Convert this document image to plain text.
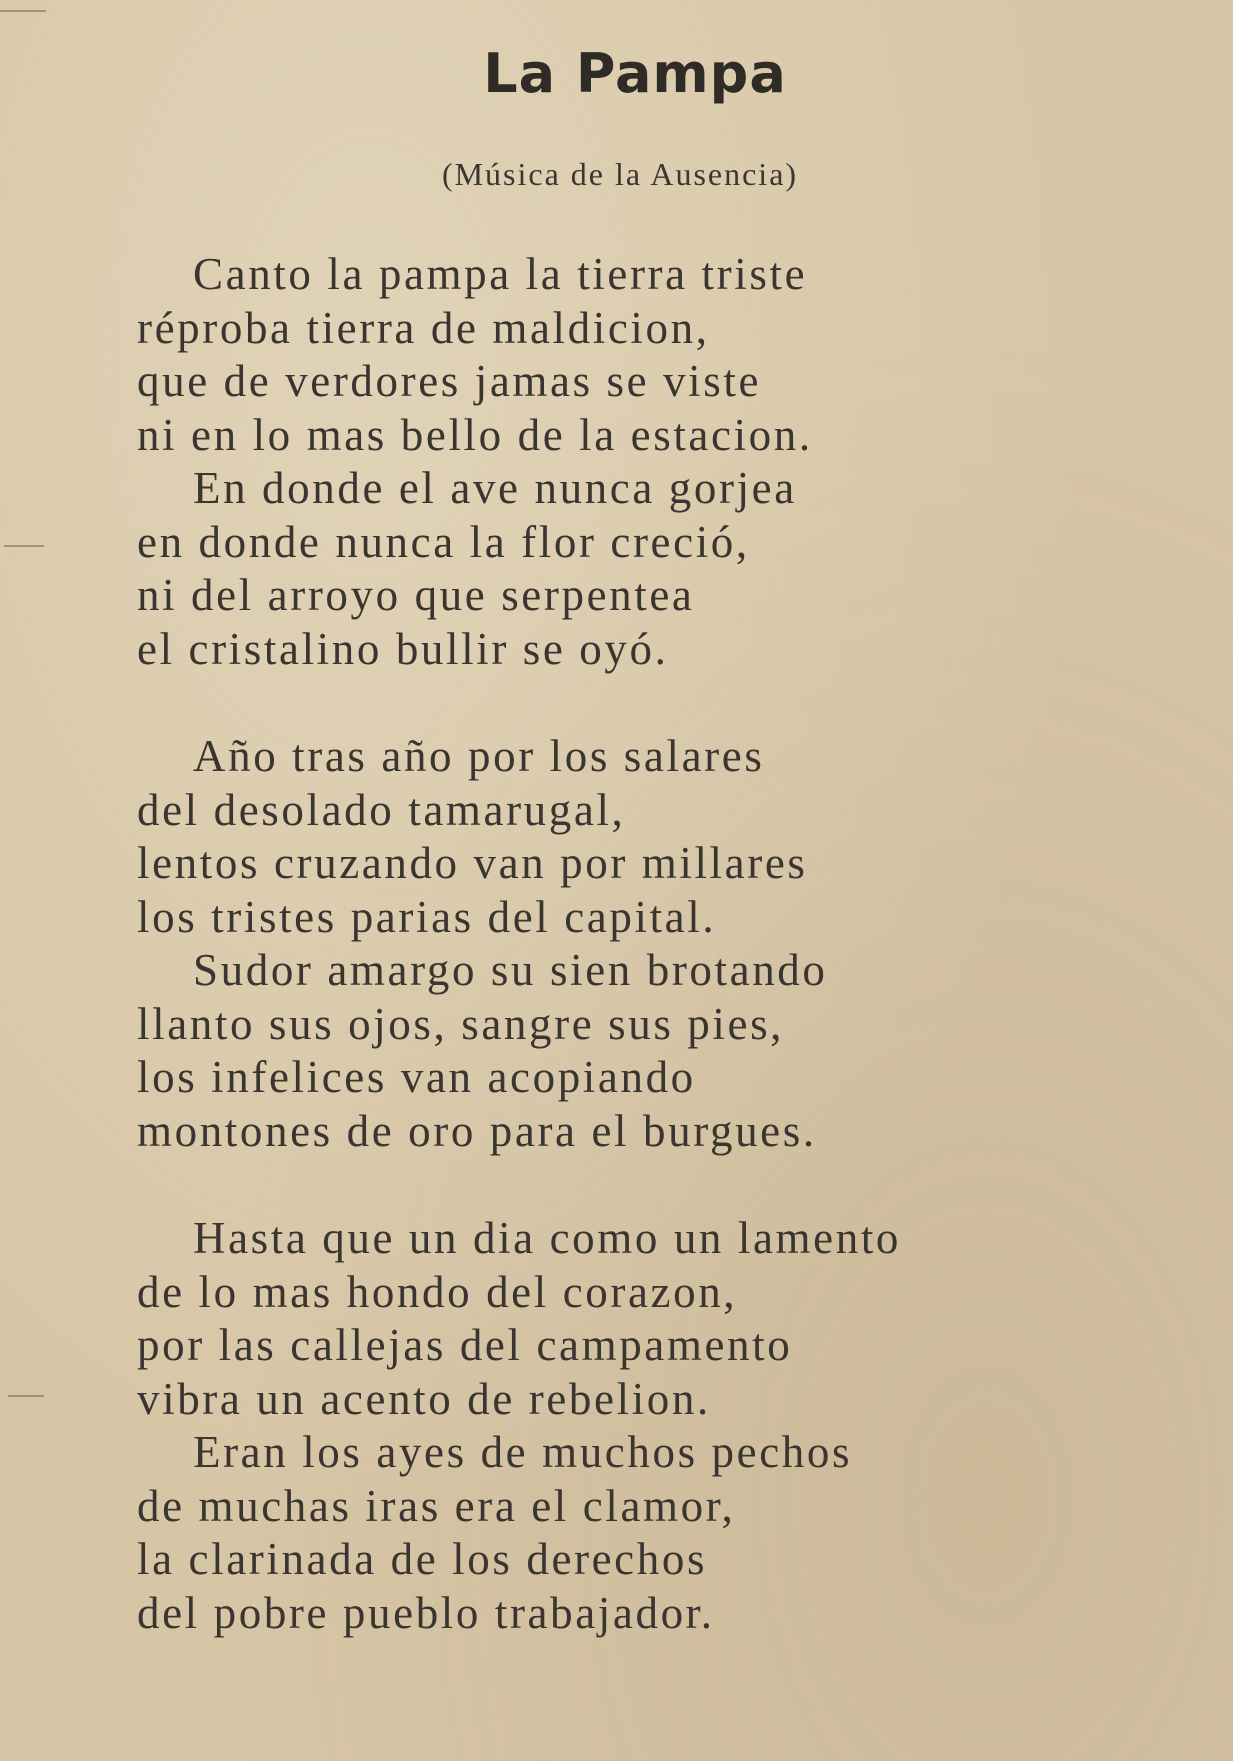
La Pampa
(Música de la Ausencia)
Canto la pampa la tierra triste
réproba tierra de maldicion,
que de verdores jamas se viste
ni en lo mas bello de la estacion.
En donde el ave nunca gorjea
en donde nunca la flor creció,
ni del arroyo que serpentea
el cristalino bullir se oyó.
Año tras año por los salares
del desolado tamarugal,
lentos cruzando van por millares
los tristes parias del capital.
Sudor amargo su sien brotando
llanto sus ojos, sangre sus pies,
los infelices van acopiando
montones de oro para el burgues.
Hasta que un dia como un lamento
de lo mas hondo del corazon,
por las callejas del campamento
vibra un acento de rebelion.
Eran los ayes de muchos pechos
de muchas iras era el clamor,
la clarinada de los derechos
del pobre pueblo trabajador.
